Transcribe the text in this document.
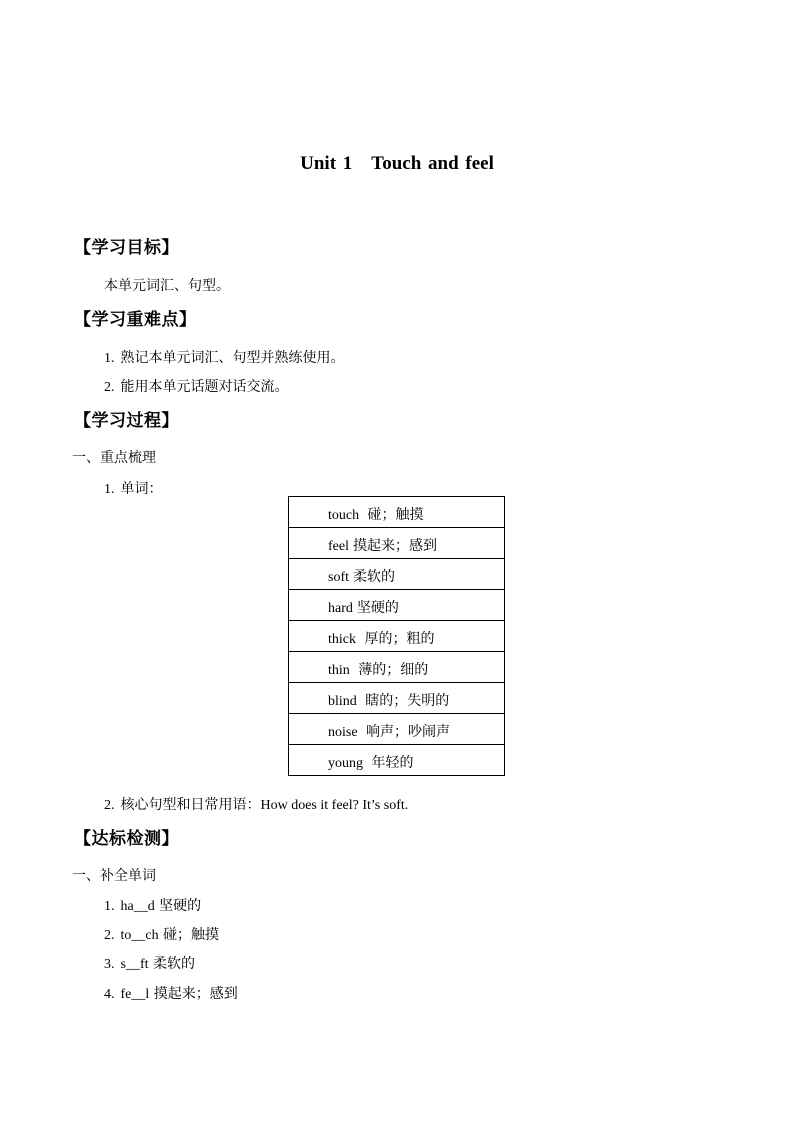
Unit 1　Touch and feel
【学习目标】
本单元词汇、句型。
【学习重难点】
1. 熟记本单元词汇、句型并熟练使用。
2. 能用本单元话题对话交流。
【学习过程】
一、重点梳理
1. 单词：
touch 碰；触摸
feel 摸起来；感到
soft 柔软的
hard 坚硬的
thick 厚的；粗的
thin 薄的；细的
blind 瞎的；失明的
noise 响声；吵闹声
young 年轻的
2. 核心句型和日常用语：How does it feel? It’s soft.
【达标检测】
一、补全单词
1. ha__d 坚硬的
2. to__ch 碰；触摸
3. s__ft 柔软的
4. fe__l 摸起来；感到
